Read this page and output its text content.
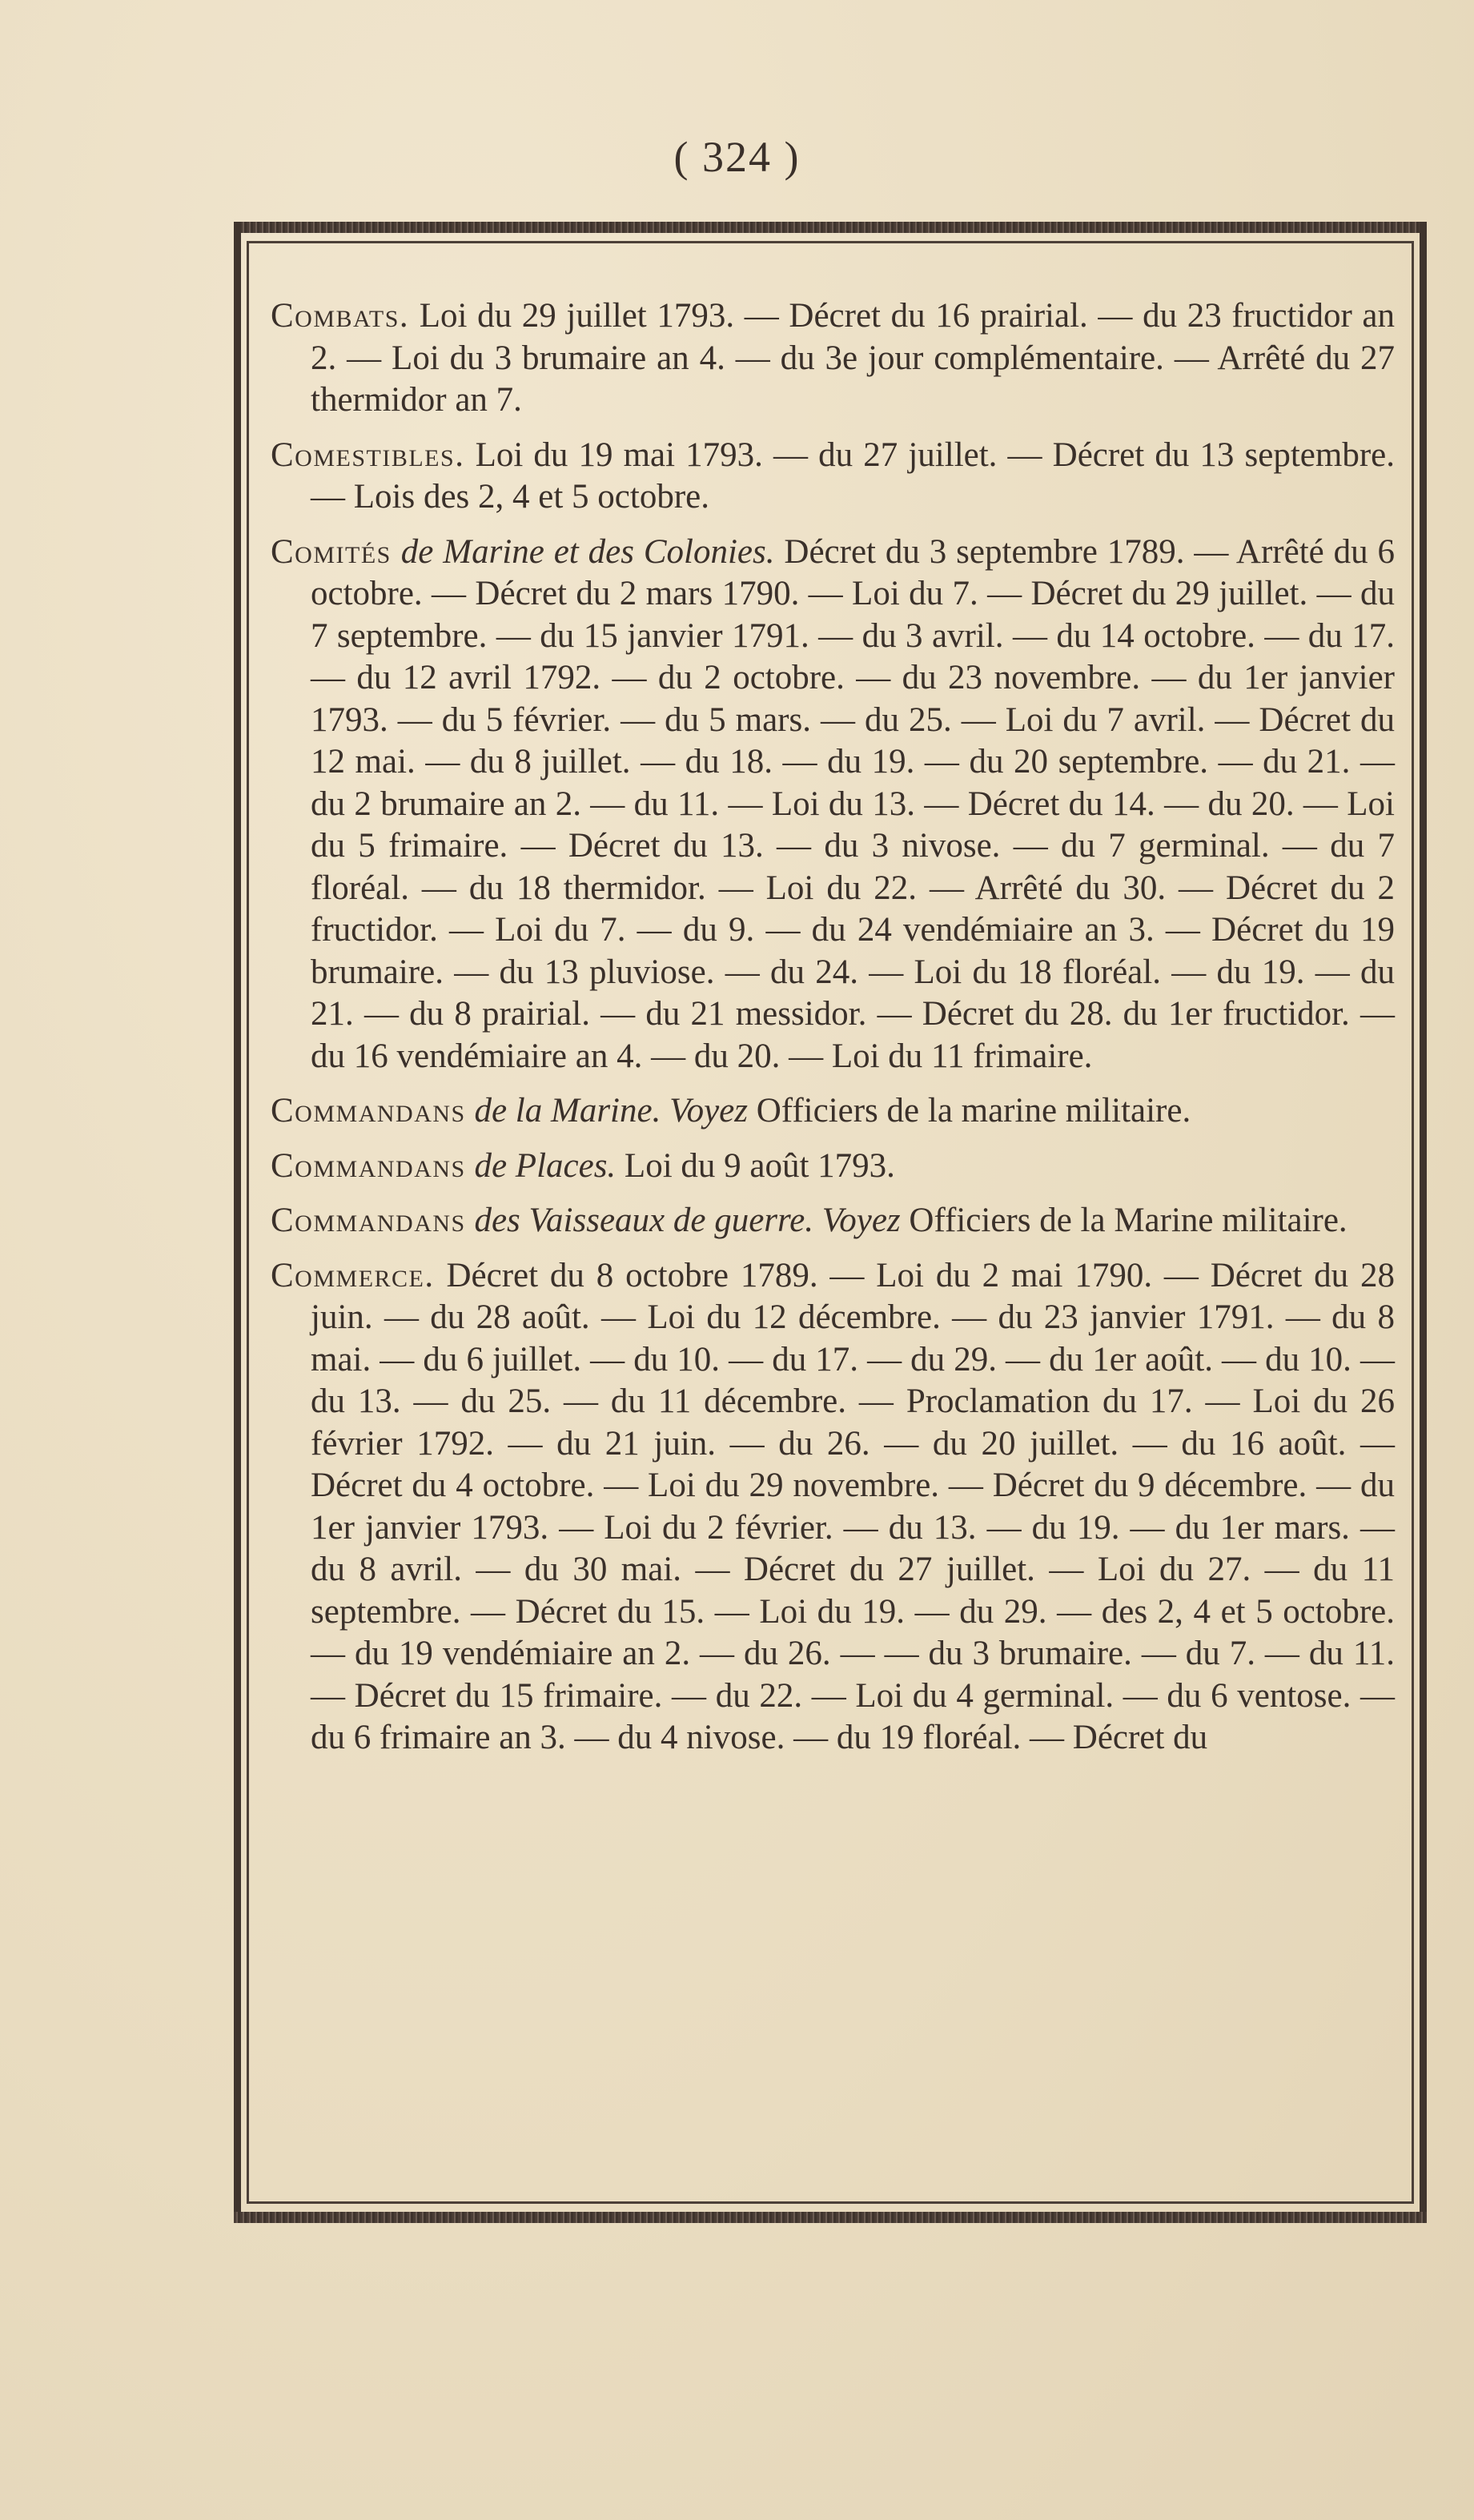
( 324 )

Combats. Loi du 29 juillet 1793. — Décret du 16 prairial. — du 23 fructidor an 2. — Loi du 3 brumaire an 4. — du 3e jour complémentaire. — Arrêté du 27 thermidor an 7.

Comestibles. Loi du 19 mai 1793. — du 27 juillet. — Décret du 13 septembre. — Lois des 2, 4 et 5 octobre.

Comités de Marine et des Colonies. Décret du 3 septembre 1789. — Arrêté du 6 octobre. — Décret du 2 mars 1790. — Loi du 7. — Décret du 29 juillet. — du 7 septembre. — du 15 janvier 1791. — du 3 avril. — du 14 octobre. — du 17. — du 12 avril 1792. — du 2 octobre. — du 23 novembre. — du 1er janvier 1793. — du 5 février. — du 5 mars. — du 25. — Loi du 7 avril. — Décret du 12 mai. — du 8 juillet. — du 18. — du 19. — du 20 septembre. — du 21. — du 2 brumaire an 2. — du 11. — Loi du 13. — Décret du 14. — du 20. — Loi du 5 frimaire. — Décret du 13. — du 3 nivose. — du 7 germinal. — du 7 floréal. — du 18 thermidor. — Loi du 22. — Arrêté du 30. — Décret du 2 fructidor. — Loi du 7. — du 9. — du 24 vendémiaire an 3. — Décret du 19 brumaire. — du 13 pluviose. — du 24. — Loi du 18 floréal. — du 19. — du 21. — du 8 prairial. — du 21 messidor. — Décret du 28. du 1er fructidor. — du 16 vendémiaire an 4. — du 20. — Loi du 11 frimaire.

Commandans de la Marine. Voyez Officiers de la marine militaire.

Commandans de Places. Loi du 9 août 1793.

Commandans des Vaisseaux de guerre. Voyez Officiers de la Marine militaire.

Commerce. Décret du 8 octobre 1789. — Loi du 2 mai 1790. — Décret du 28 juin. — du 28 août. — Loi du 12 décembre. — du 23 janvier 1791. — du 8 mai. — du 6 juillet. — du 10. — du 17. — du 29. — du 1er août. — du 10. — du 13. — du 25. — du 11 décembre. — Proclamation du 17. — Loi du 26 février 1792. — du 21 juin. — du 26. — du 20 juillet. — du 16 août. — Décret du 4 octobre. — Loi du 29 novembre. — Décret du 9 décembre. — du 1er janvier 1793. — Loi du 2 février. — du 13. — du 19. — du 1er mars. — du 8 avril. — du 30 mai. — Décret du 27 juillet. — Loi du 27. — du 11 septembre. — Décret du 15. — Loi du 19. — du 29. — des 2, 4 et 5 octobre. — du 19 vendémiaire an 2. — du 26. — — du 3 brumaire. — du 7. — du 11. — Décret du 15 frimaire. — du 22. — Loi du 4 germinal. — du 6 ventose. — du 6 frimaire an 3. — du 4 nivose. — du 19 floréal. — Décret du
